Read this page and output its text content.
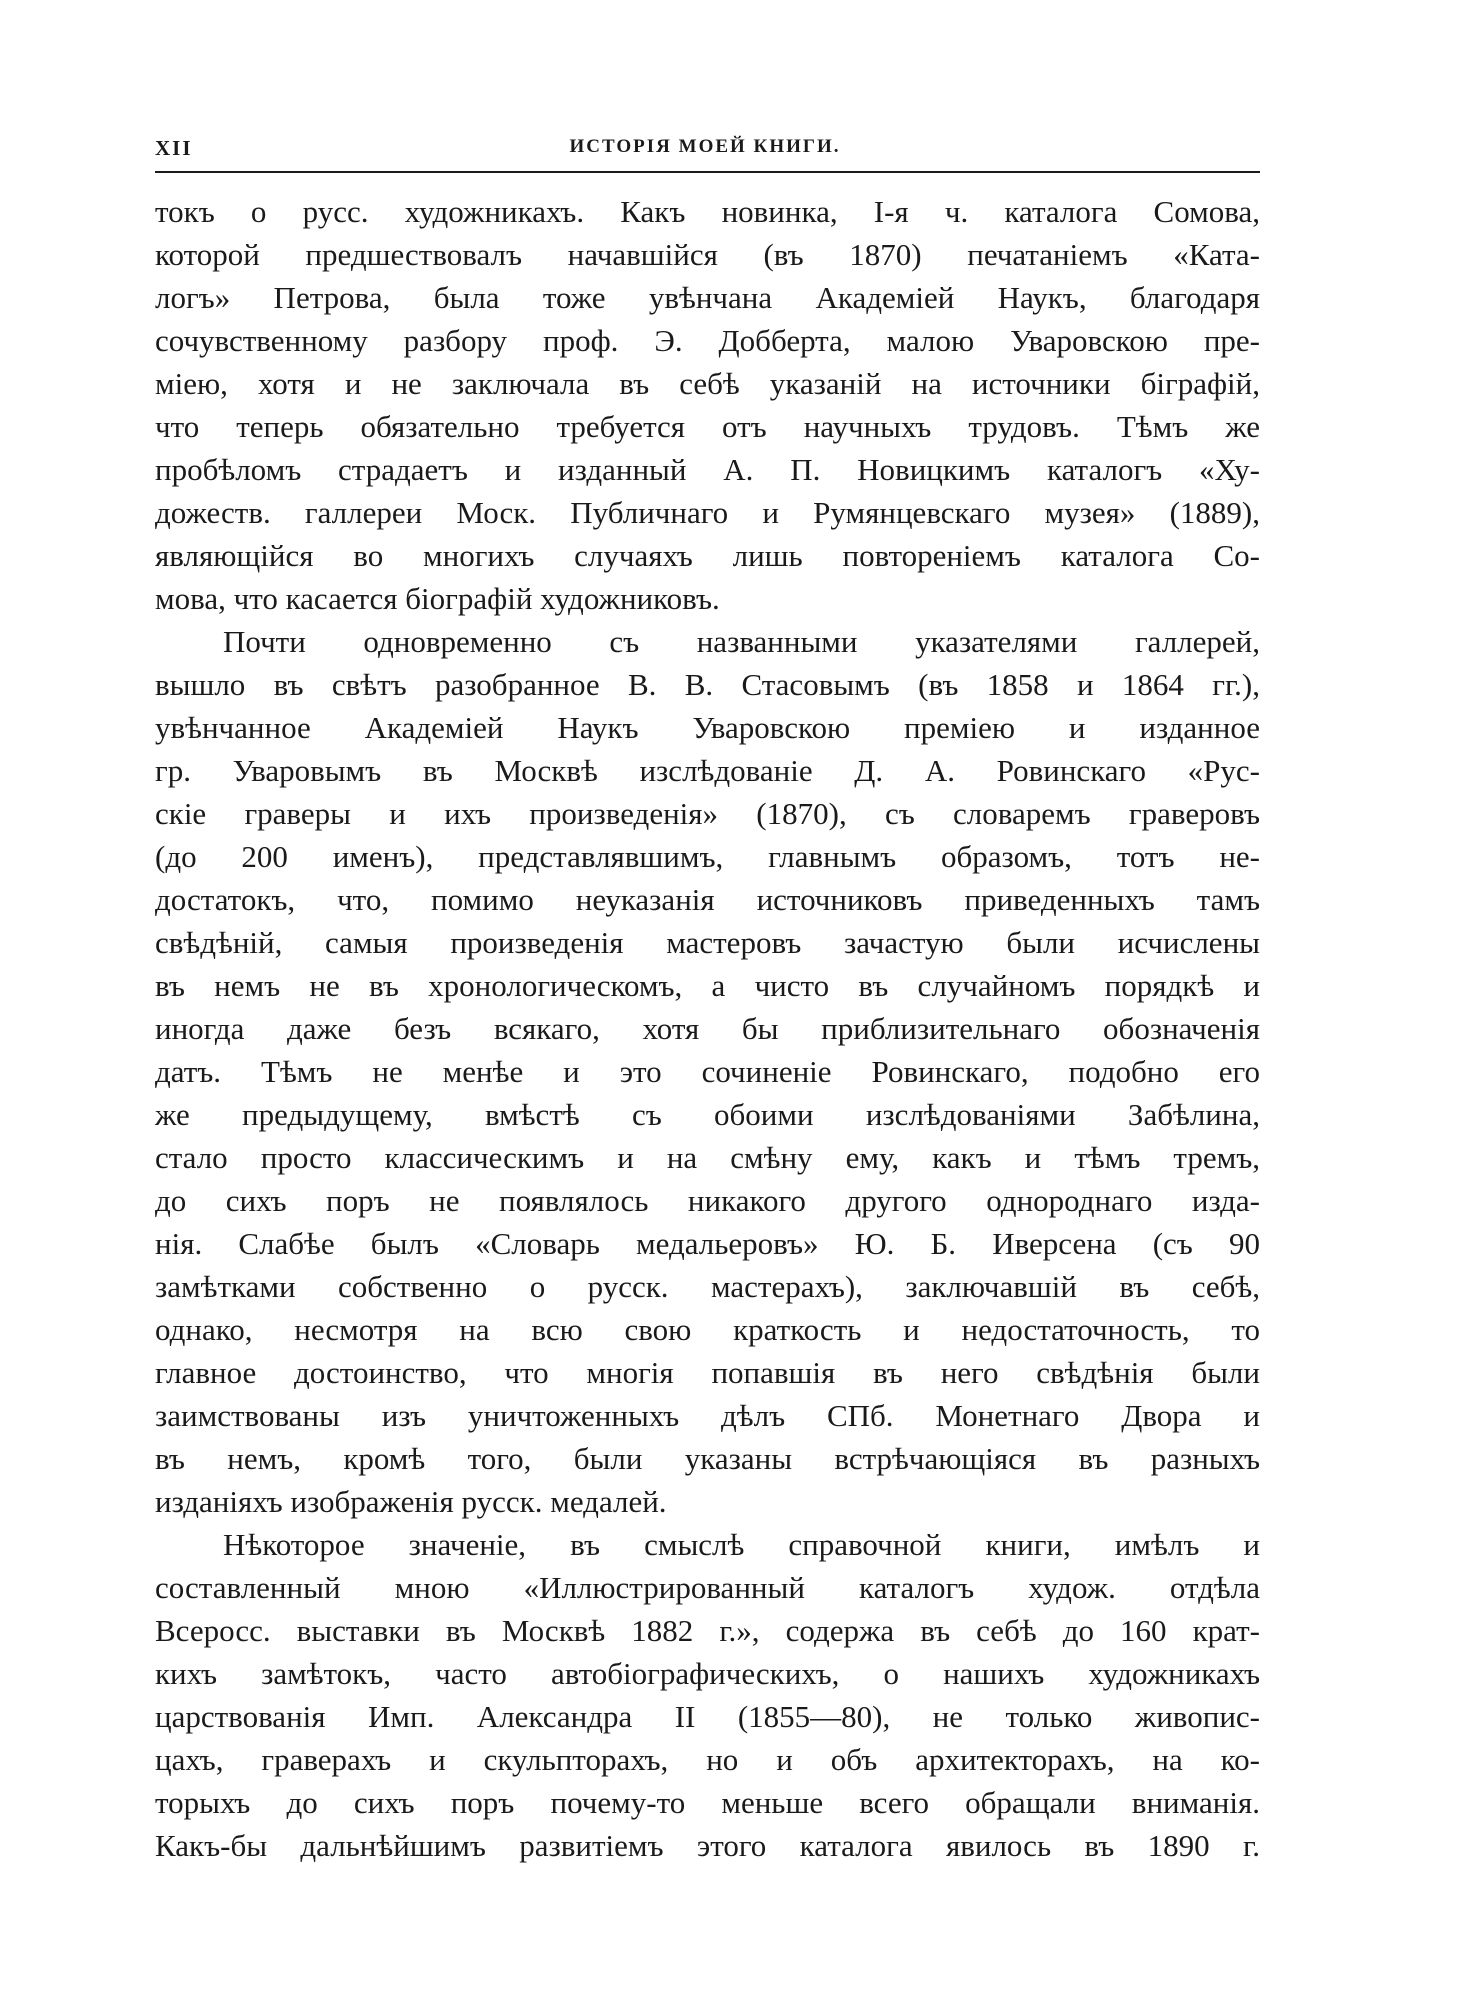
XII	ИСТОРІЯ МОЕЙ КНИГИ.
токъ о русс. художникахъ. Какъ новинка, І-я ч. каталога Сомова,
которой предшествовалъ начавшійся (въ 1870) печатаніемъ «Ката-
логъ» Петрова, была тоже увѣнчана Академіей Наукъ, благодаря
сочувственному разбору проф. Э. Добберта, малою Уваровскою пре-
міею, хотя и не заключала въ себѣ указаній на источники біграфій,
что теперь обязательно требуется отъ научныхъ трудовъ. Тѣмъ же
пробѣломъ страдаетъ и изданный А. П. Новицкимъ каталогъ «Ху-
дожеств. галлереи Моск. Публичнаго и Румянцевскаго музея» (1889),
являющійся во многихъ случаяхъ лишь повтореніемъ каталога Со-
мова, что касается біографій художниковъ.
Почти одновременно съ названными указателями галлерей,
вышло въ свѣтъ разобранное В. В. Стасовымъ (въ 1858 и 1864 гг.),
увѣнчанное Академіей Наукъ Уваровскою преміею и изданное
гр. Уваровымъ въ Москвѣ изслѣдованіе Д. А. Ровинскаго «Рус-
скіе граверы и ихъ произведенія» (1870), съ словаремъ граверовъ
(до 200 именъ), представлявшимъ, главнымъ образомъ, тотъ не-
достатокъ, что, помимо неуказанія источниковъ приведенныхъ тамъ
свѣдѣній, самыя произведенія мастеровъ зачастую были исчислены
въ немъ не въ хронологическомъ, а чисто въ случайномъ порядкѣ и
иногда даже безъ всякаго, хотя бы приблизительнаго обозначенія
датъ. Тѣмъ не менѣе и это сочиненіе Ровинскаго, подобно его
же предыдущему, вмѣстѣ съ обоими изслѣдованіями Забѣлина,
стало просто классическимъ и на смѣну ему, какъ и тѣмъ тремъ,
до сихъ поръ не появлялось никакого другого однороднаго изда-
нія. Слабѣе былъ «Словарь медальеровъ» Ю. Б. Иверсена (съ 90
замѣтками собственно о русск. мастерахъ), заключавшій въ себѣ,
однако, несмотря на всю свою краткость и недостаточность, то
главное достоинство, что многія попавшія въ него свѣдѣнія были
заимствованы изъ уничтоженныхъ дѣлъ СПб. Монетнаго Двора и
въ немъ, кромѣ того, были указаны встрѣчающіяся въ разныхъ
изданіяхъ изображенія русск. медалей.
Нѣкоторое значеніе, въ смыслѣ справочной книги, имѣлъ и
составленный мною «Иллюстрированный каталогъ худож. отдѣла
Всеросс. выставки въ Москвѣ 1882 г.», содержа въ себѣ до 160 крат-
кихъ замѣтокъ, часто автобіографическихъ, о нашихъ художникахъ
царствованія Имп. Александра II (1855—80), не только живопис-
цахъ, граверахъ и скульпторахъ, но и объ архитекторахъ, на ко-
торыхъ до сихъ поръ почему-то меньше всего обращали вниманія.
Какъ-бы дальнѣйшимъ развитіемъ этого каталога явилось въ 1890 г.
